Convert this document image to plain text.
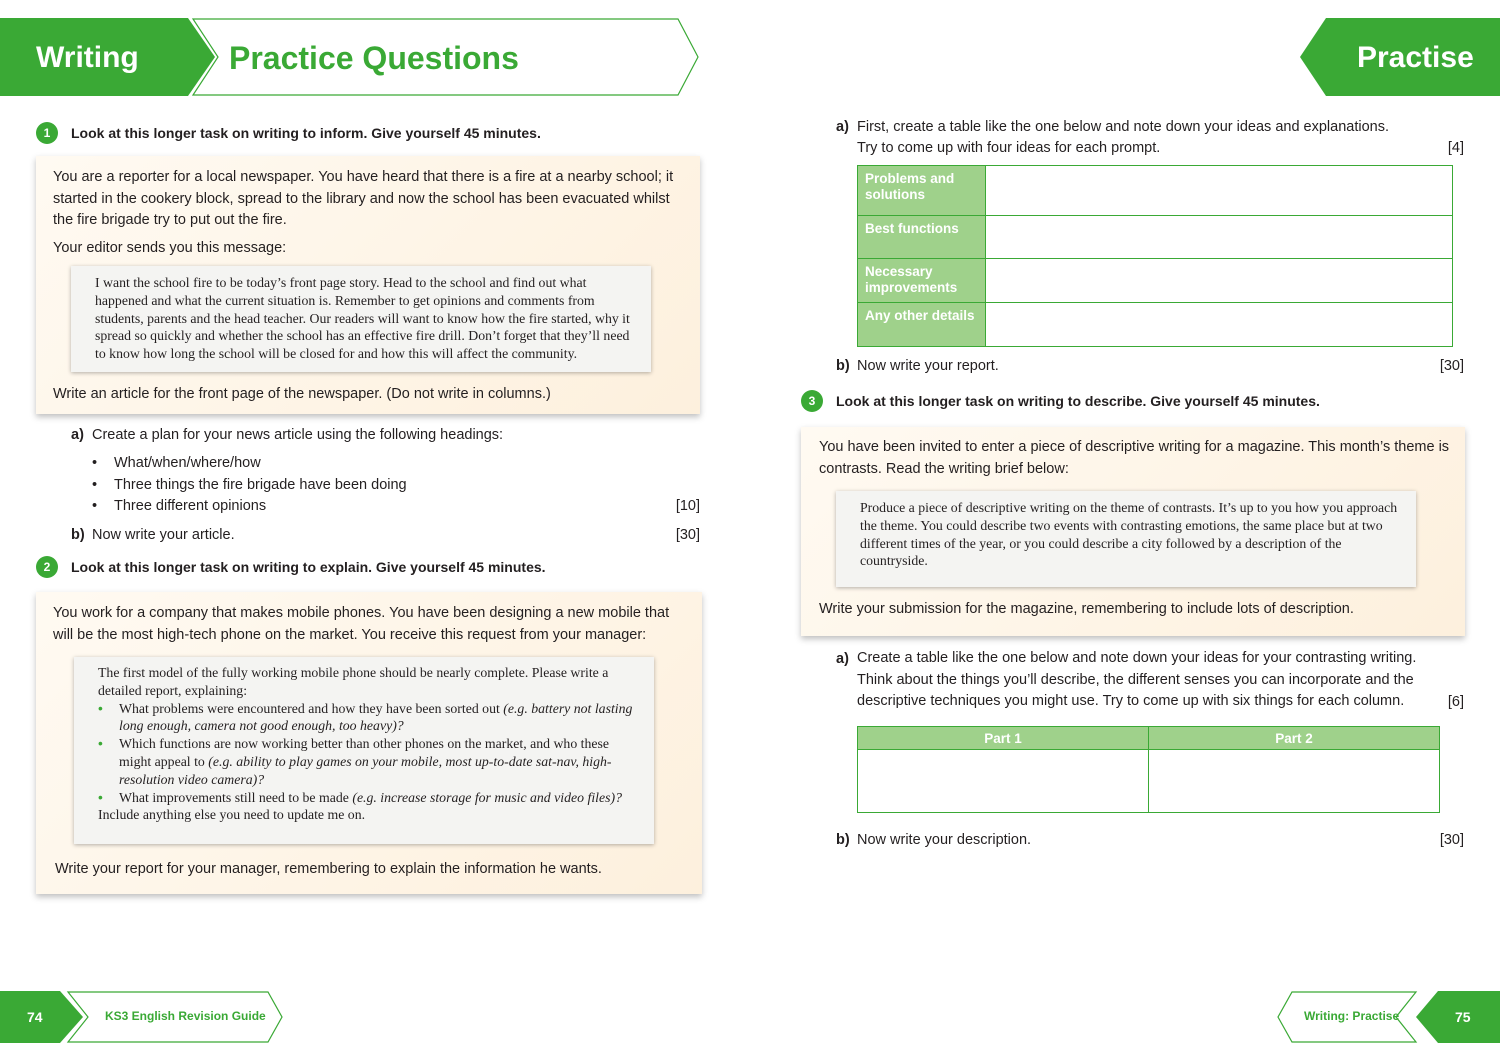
Writing	Practice Questions	Practise
1	Look at this longer task on writing to inform. Give yourself 45 minutes.
You are a reporter for a local newspaper. You have heard that there is a fire at a nearby school; it started in the cookery block, spread to the library and now the school has been evacuated whilst the fire brigade try to put out the fire.
Your editor sends you this message:
I want the school fire to be today’s front page story. Head to the school and find out what happened and what the current situation is. Remember to get opinions and comments from students, parents and the head teacher. Our readers will want to know how the fire started, why it spread so quickly and whether the school has an effective fire drill. Don’t forget that they’ll need to know how long the school will be closed for and how this will affect the community.
Write an article for the front page of the newspaper. (Do not write in columns.)
a) Create a plan for your news article using the following headings:
• What/when/where/how
• Three things the fire brigade have been doing
• Three different opinions	[10]
b) Now write your article.	[30]
2	Look at this longer task on writing to explain. Give yourself 45 minutes.
You work for a company that makes mobile phones. You have been designing a new mobile that will be the most high-tech phone on the market. You receive this request from your manager:
The first model of the fully working mobile phone should be nearly complete. Please write a detailed report, explaining:
• What problems were encountered and how they have been sorted out (e.g. battery not lasting long enough, camera not good enough, too heavy)?
• Which functions are now working better than other phones on the market, and who these might appeal to (e.g. ability to play games on your mobile, most up-to-date sat-nav, high-resolution video camera)?
• What improvements still need to be made (e.g. increase storage for music and video files)?
Include anything else you need to update me on.
Write your report for your manager, remembering to explain the information he wants.
a) First, create a table like the one below and note down your ideas and explanations.
Try to come up with four ideas for each prompt.	[4]
Problems and solutions	
Best functions	
Necessary improvements	
Any other details	
b) Now write your report.	[30]
3	Look at this longer task on writing to describe. Give yourself 45 minutes.
You have been invited to enter a piece of descriptive writing for a magazine. This month’s theme is contrasts. Read the writing brief below:
Produce a piece of descriptive writing on the theme of contrasts. It’s up to you how you approach the theme. You could describe two events with contrasting emotions, the same place but at two different times of the year, or you could describe a city followed by a description of the countryside.
Write your submission for the magazine, remembering to include lots of description.
a) Create a table like the one below and note down your ideas for your contrasting writing. Think about the things you’ll describe, the different senses you can incorporate and the descriptive techniques you might use. Try to come up with six things for each column.	[6]
Part 1	Part 2

b) Now write your description.	[30]
74	KS3 English Revision Guide	Writing: Practise	75
